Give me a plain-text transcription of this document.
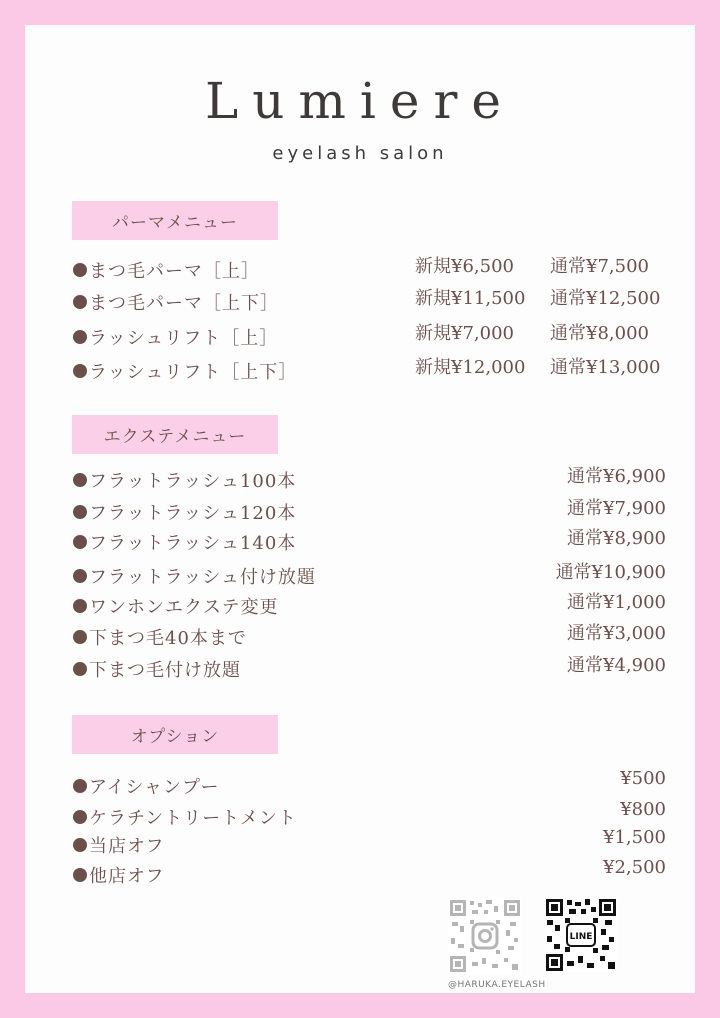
Lumiere
eyelash salon
パーマメニュー
まつ毛パーマ［上］	新規¥6,500 通常¥7,500
まつ毛パーマ［上下］	新規¥11,500 通常¥12,500
ラッシュリフト［上］	新規¥7,000 通常¥8,000
ラッシュリフト［上下］	新規¥12,000 通常¥13,000
エクステメニュー
フラットラッシュ100本	通常¥6,900
フラットラッシュ120本	通常¥7,900
フラットラッシュ140本	通常¥8,900
フラットラッシュ付け放題	通常¥10,900
ワンホンエクステ変更	通常¥1,000
下まつ毛40本まで	通常¥3,000
下まつ毛付け放題	通常¥4,900
オプション
アイシャンプー	¥500
ケラチントリートメント	¥800
当店オフ	¥1,500
他店オフ	¥2,500
@HARUKA.EYELASH
LINE
